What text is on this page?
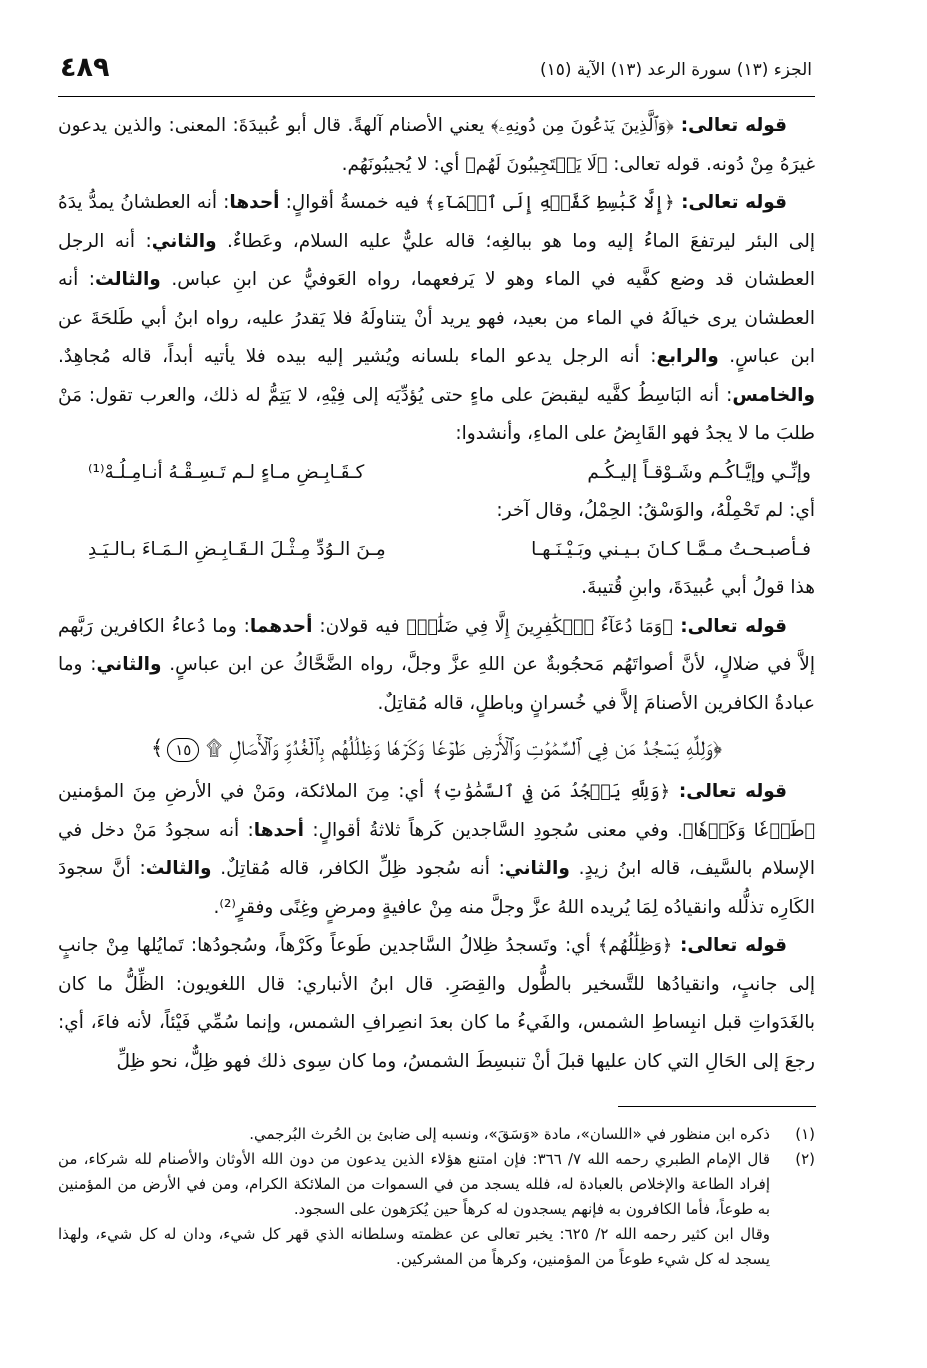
الجزء (١٣) سورة الرعد (١٣) الآية (١٥)
٤٨٩

قوله تعالى: ﴿وَٱلَّذِينَ يَدۡعُونَ مِن دُونِهِۦ﴾ يعني الأصنام آلهةً. قال أبو عُبيدَةَ: المعنى: والذين يدعون غيرَهُ مِنْ دُونه. قوله تعالى: ﴿لَا يَسۡتَجِيبُونَ لَهُم﴾ أي: لا يُجيبُونَهُم.

قوله تعالى: ﴿إِلَّا كَبَٰسِطِ كَفَّيۡهِ إِلَى ٱلۡمَآءِ﴾ فيه خمسةُ أقوالٍ: أحدها: أنه العطشانُ يمدُّ يدَهُ إلى البئر ليرتفعَ الماءُ إليه وما هو ببالغِه؛ قاله عليٌّ عليه السلام، وعَطاءٌ. والثاني: أنه الرجل العطشان قد وضع كفَّيه في الماء وهو لا يَرفعهما، رواه العَوفيُّ عن ابنِ عباس. والثالث: أنه العطشان يرى خيالَهُ في الماء من بعيد، فهو يريد أنْ يتناولَهُ فلا يَقدرُ عليه، رواه ابنُ أبي طَلحَةَ عن ابن عباسٍ. والرابع: أنه الرجل يدعو الماء بلسانه ويُشير إليه بيده فلا يأتيه أبداً، قاله مُجاهِدٌ. والخامس: أنه البَاسِطُ كفَّيه ليقبضَ على ماءٍ حتى يُؤدِّيَه إلى فِيْهِ، لا يَتِمُّ له ذلك، والعرب تقول: مَنْ طلبَ ما لا يجدُ فهو القَابِضُ على الماءِ، وأنشدوا:

وإنِّـي وإيَّـاكُـم وشَـوْقـاً إليـكُـم
كـقَـابِـضِ مـاءٍ لـم تَـسِـقْـهُ أنـامِـلُـهْ⁽¹⁾

أي: لم تَحْمِلْهُ، والوَسْقُ: الحِمْلُ، وقال آخر:

فـأصبـحـتُ مـمَّـا كـانَ بـيـني وبَـيْـنَـهـا
مِـنَ الـوُدِّ مِـثْـلَ الـقَـابِـضِ الـمَـاءَ بـالـيَـدِ

هذا قولُ أبي عُبيدَةَ، وابنِ قُتيبةَ.

قوله تعالى: ﴿وَمَا دُعَآءُ ٱلۡكَٰفِرِينَ إِلَّا فِي ضَلَٰلٖ﴾ فيه قولان: أحدهما: وما دُعاءُ الكافرين رَبَّهم إلاَّ في ضلالٍ، لأنَّ أصواتَهُم مَحجُوبةٌ عن اللهِ عزَّ وجلَّ، رواه الضَّحَّاكُ عن ابن عباسٍ. والثاني: وما عبادةُ الكافرين الأصنامَ إلاَّ في خُسرانٍ وباطلٍ، قاله مُقاتِلٌ.

﴿وَلِلَّهِ يَسۡجُدُ مَن فِي ٱلسَّمَٰوَٰتِ وَٱلۡأَرۡضِ طَوۡعٗا وَكَرۡهٗا وَظِلَٰلُهُم بِٱلۡغُدُوِّ وَٱلۡأٓصَالِ ۩ ١٥﴾

قوله تعالى: ﴿وَلِلَّهِ يَسۡجُدُ مَن فِي ٱلسَّمَٰوَٰتِ﴾ أي: مِنَ الملائكة، ومَنْ في الأرضِ مِنَ المؤمنين ﴿طَوۡعٗا وَكَرۡهٗا﴾. وفي معنى سُجودِ السَّاجدين كَرهاً ثلاثةُ أقوالٍ: أحدها: أنه سجودُ مَنْ دخل في الإسلام بالسَّيف، قاله ابنُ زيدٍ. والثاني: أنه سُجود ظِلِّ الكافر، قاله مُقاتِلٌ. والثالث: أنَّ سجودَ الكَارِه تذلُّله وانقيادُه لِمَا يُريده اللهُ عزَّ وجلَّ منه مِنْ عافيةٍ ومرضٍ وغِنًى وفقرٍ⁽²⁾.

قوله تعالى: ﴿وَظِلَٰلُهُم﴾ أي: وتَسجدُ ظِلالُ السَّاجدين طَوعاً وكَرْهاً، وسُجودُها: تَمايُلها مِنْ جانبٍ إلى جانبٍ، وانقيادُها للتَّسخير بالطُّول والقِصَرِ. قال ابنُ الأنباري: قال اللغويون: الظِّلُّ ما كان بالغَدَواتِ قبل انبِساطِ الشمس، والفَيءُ ما كان بعدَ انصِرافِ الشمس، وإنما سُمِّي فَيْئاً، لأنه فاءَ، أي: رجعَ إلى الحَالِ التي كان عليها قبلَ أنْ تنبسِطَ الشمسُ، وما كان سِوى ذلك فهو ظِلٌّ، نحو ظِلِّ

(١)
ذكره ابن منظور في «اللسان»، مادة «وَسَقَ»، ونسبه إلى ضابئ بن الحُرث البُرجمي.
(٢)
قال الإمام الطبري رحمه الله ٧/ ٣٦٦: فإن امتنع هؤلاء الذين يدعون من دون الله الأوثان والأصنام لله شركاء، من إفراد الطاعة والإخلاص بالعبادة له، فلله يسجد من في السموات من الملائكة الكرام، ومن في الأرض من المؤمنين به طوعاً، فأما الكافرون به فإنهم يسجدون له كرهاً حين يُكرَهون على السجود.
وقال ابن كثير رحمه الله ٢/ ٦٢٥: يخبر تعالى عن عظمته وسلطانه الذي قهر كل شيء، ودان له كل شيء، ولهذا يسجد له كل شيء طوعاً من المؤمنين، وكرهاً من المشركين.
